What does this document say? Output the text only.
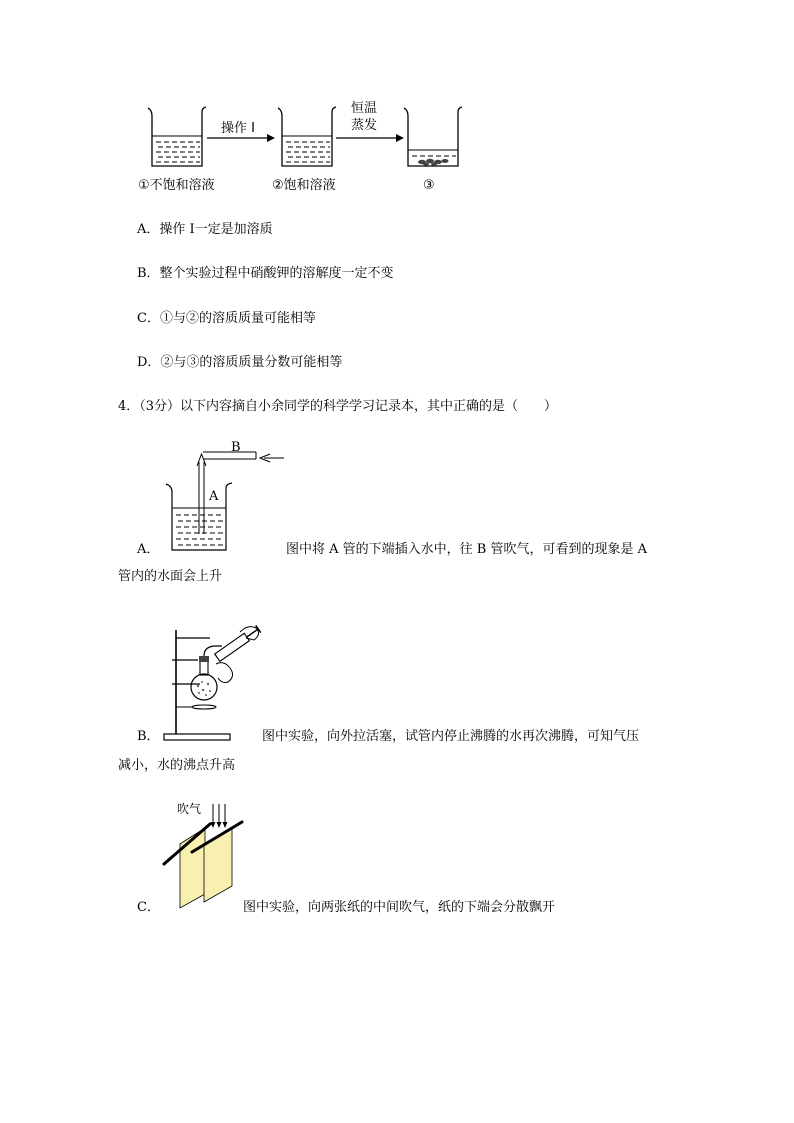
操作 I
恒温
蒸发
①不饱和溶液	②饱和溶液	③
A．操作 I一定是加溶质
B．整个实验过程中硝酸钾的溶解度一定不变
C．①与②的溶质质量可能相等
D．②与③的溶质质量分数可能相等
4．（3分）以下内容摘自小余同学的科学学习记录本，其中正确的是（　　）
B
A
A．	图中将 A 管的下端插入水中，往 B 管吹气，可看到的现象是 A
管内的水面会上升
B．	图中实验，向外拉活塞，试管内停止沸腾的水再次沸腾，可知气压
减小，水的沸点升高
吹气
C．	图中实验，向两张纸的中间吹气，纸的下端会分散飘开
